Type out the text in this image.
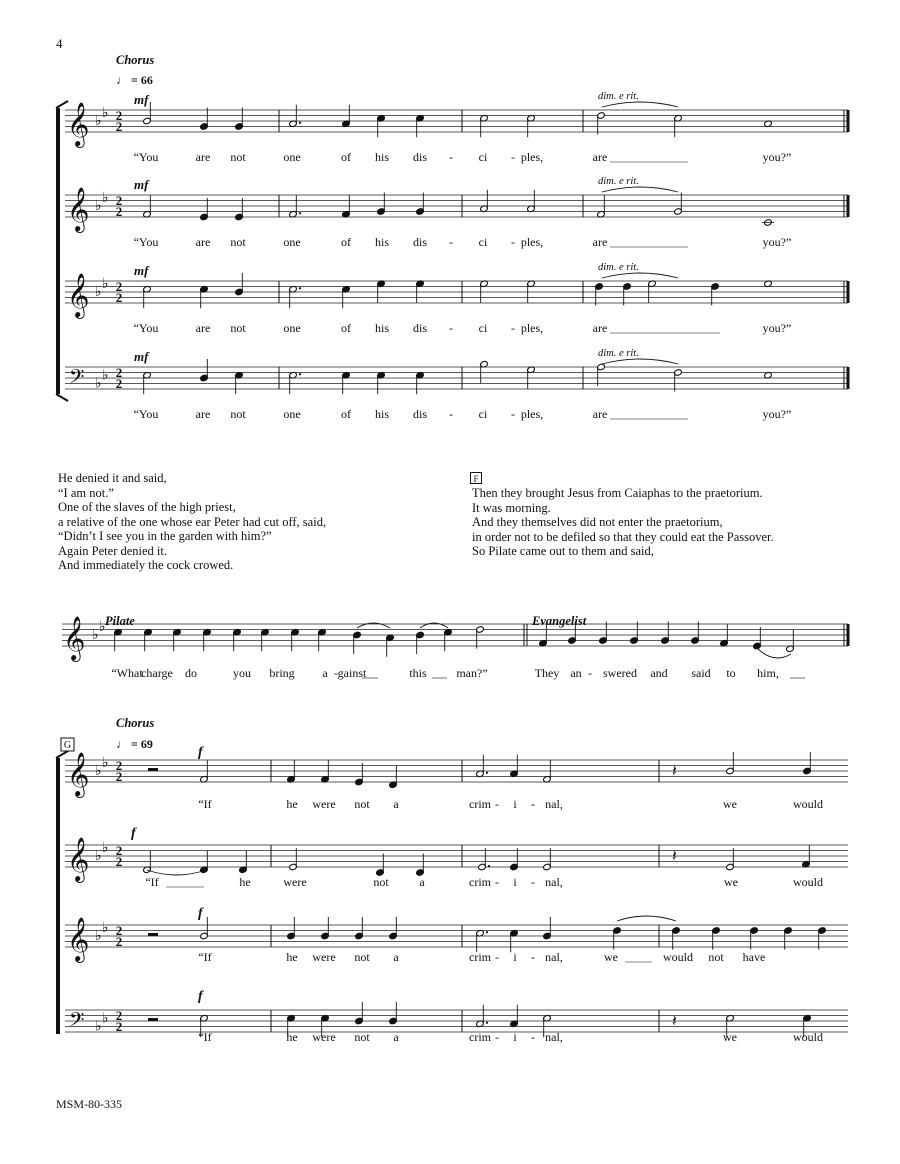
4
𝄞 ♭
♭ 2
2
𝄞 ♭
♭ 2
2
𝄞 ♭
♭ 2
2
𝄢 ♭
♭ 2
2
Chorus
♩ = 66
mf	dim. e rit.
mf	dim. e rit.
mf	dim. e rit.
mf	dim. e rit.
“You	are not	one	of his dis - ci - ples,	are	you?”
“You	are not	one	of his dis - ci - ples,	are	you?”
“You	are not	one	of his dis - ci - ples,	are	you?”
“You	are not	one	of his dis - ci - ples,	are	you?”
𝄞 ♭
♭ Pilate	Evangelist
“What
charge do	you bring a - gainst	this man?”	They an - swered and said to him,
𝄞 ♭
♭ 2
2
𝄞 ♭
♭ 2
2
𝄞 ♭
♭ 2
2
𝄢 ♭
♭ 2
2
G
Chorus
♩ = 69
f
f
f
f
𝄽
𝄽
𝄽
“If	he were not a	crim - i - nal,	we	would
“If	he	were	not	a	crim - i - nal,	we	would
“If	he were not a	crim - i - nal,	we	would not have
“If	he were not a	crim - i - nal,	we	would
He denied it and said,
“I am not.”
One of the slaves of the high priest,
a relative of the one whose ear Peter had cut off, said,
“Didn’t I see you in the garden with him?”
Again Peter denied it.
And immediately the cock crowed.
F
Then they brought Jesus from Caiaphas to the praetorium.
It was morning.
And they themselves did not enter the praetorium,
in order not to be defiled so that they could eat the Passover.
So Pilate came out to them and said,
MSM-80-335
